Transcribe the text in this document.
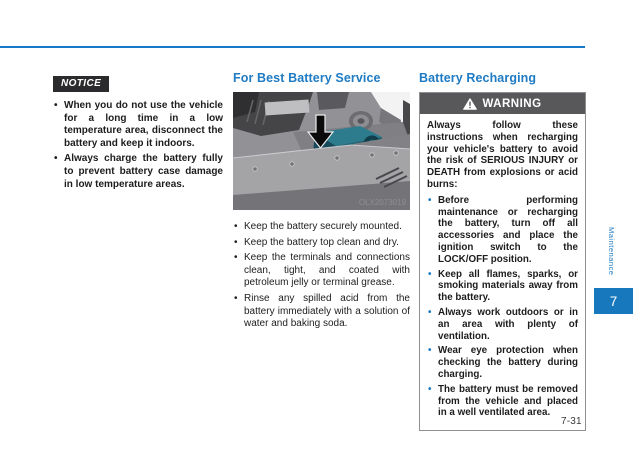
NOTICE
• When you do not use the vehicle for a long time in a low temperature area, disconnect the battery and keep it indoors.
• Always charge the battery fully to prevent battery case damage in low temperature areas.
For Best Battery Service
OLX2073019
• Keep the battery securely mounted.
• Keep the battery top clean and dry.
• Keep the terminals and connections clean, tight, and coated with petroleum jelly or terminal grease.
• Rinse any spilled acid from the battery immediately with a solution of water and baking soda.
Battery Recharging
WARNING

Always follow these instructions when recharging your vehicle's battery to avoid the risk of SERIOUS INJURY or DEATH from explosions or acid burns:

• Before performing maintenance or recharging the battery, turn off all accessories and place the ignition switch to the LOCK/OFF position.
• Keep all flames, sparks, or smoking materials away from the battery.
• Always work outdoors or in an area with plenty of ventilation.
• Wear eye protection when checking the battery during charging.
• The battery must be removed from the vehicle and placed in a well ventilated area.
Maintenance
7
7-31
